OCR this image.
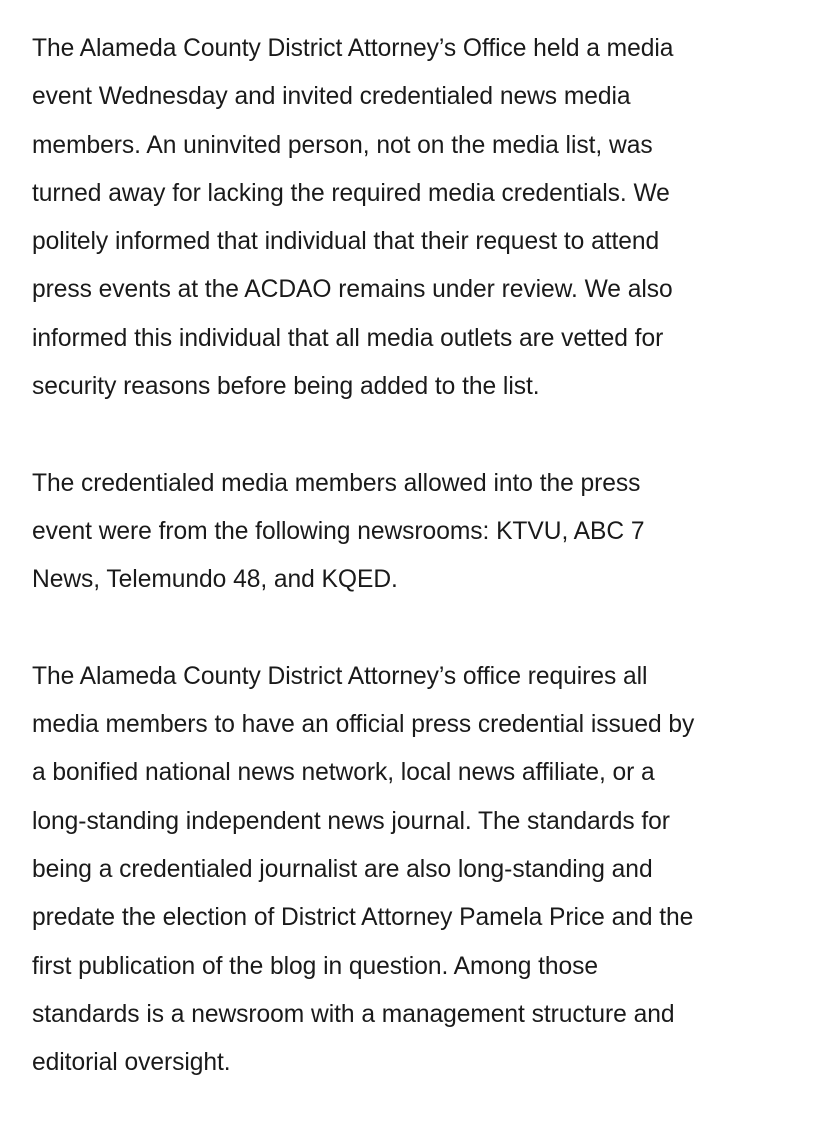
The Alameda County District Attorney’s Office held a media
event Wednesday and invited credentialed news media
members. An uninvited person, not on the media list, was
turned away for lacking the required media credentials. We
politely informed that individual that their request to attend
press events at the ACDAO remains under review. We also
informed this individual that all media outlets are vetted for
security reasons before being added to the list.

The credentialed media members allowed into the press
event were from the following newsrooms: KTVU, ABC 7
News, Telemundo 48, and KQED.

The Alameda County District Attorney’s office requires all
media members to have an official press credential issued by
a bonified national news network, local news affiliate, or a
long-standing independent news journal. The standards for
being a credentialed journalist are also long-standing and
predate the election of District Attorney Pamela Price and the
first publication of the blog in question. Among those
standards is a newsroom with a management structure and
editorial oversight.
